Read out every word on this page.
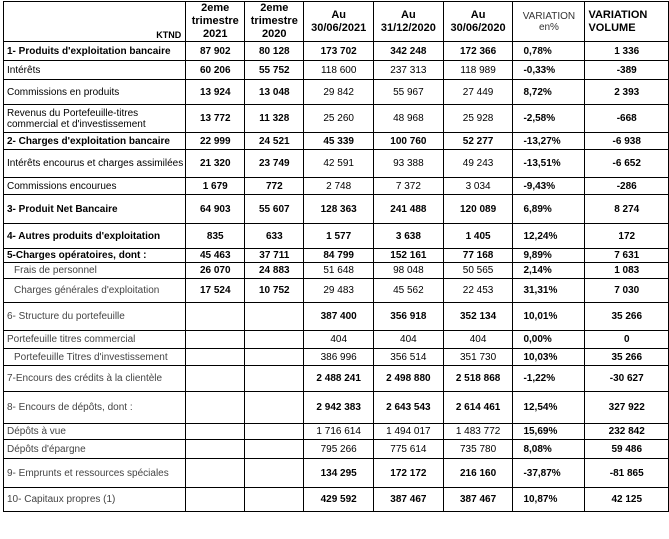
KTND	2eme
trimestre
2021	2eme
trimestre
2020	Au
30/06/2021	Au
31/12/2020	Au
30/06/2020	VARIATION
en%	VARIATION
VOLUME
1- Produits d'exploitation bancaire	87 902	80 128	173 702	342 248	172 366	0,78%	1 336
Intérêts	60 206	55 752	118 600	237 313	118 989	-0,33%	-389
Commissions en produits	13 924	13 048	29 842	55 967	27 449	8,72%	2 393
Revenus du Portefeuille-titres commercial et d'investissement	13 772	11 328	25 260	48 968	25 928	-2,58%	-668
2- Charges d'exploitation bancaire	22 999	24 521	45 339	100 760	52 277	-13,27%	-6 938
Intérêts encourus et charges assimilées	21 320	23 749	42 591	93 388	49 243	-13,51%	-6 652
Commissions encourues	1 679	772	2 748	7 372	3 034	-9,43%	-286
3- Produit Net Bancaire	64 903	55 607	128 363	241 488	120 089	6,89%	8 274
4- Autres produits d'exploitation	835	633	1 577	3 638	1 405	12,24%	172
5-Charges opératoires, dont :	45 463	37 711	84 799	152 161	77 168	9,89%	7 631
Frais de personnel	26 070	24 883	51 648	98 048	50 565	2,14%	1 083
Charges générales d'exploitation	17 524	10 752	29 483	45 562	22 453	31,31%	7 030
6- Structure du portefeuille			387 400	356 918	352 134	10,01%	35 266
Portefeuille titres commercial			404	404	404	0,00%	0
Portefeuille Titres d'investissement			386 996	356 514	351 730	10,03%	35 266
7-Encours des crédits à la clientèle			2 488 241	2 498 880	2 518 868	-1,22%	-30 627
8- Encours de dépôts, dont :			2 942 383	2 643 543	2 614 461	12,54%	327 922
Dépôts à vue			1 716 614	1 494 017	1 483 772	15,69%	232 842
Dépôts d'épargne			795 266	775 614	735 780	8,08%	59 486
9- Emprunts et ressources spéciales			134 295	172 172	216 160	-37,87%	-81 865
10- Capitaux propres (1)			429 592	387 467	387 467	10,87%	42 125
